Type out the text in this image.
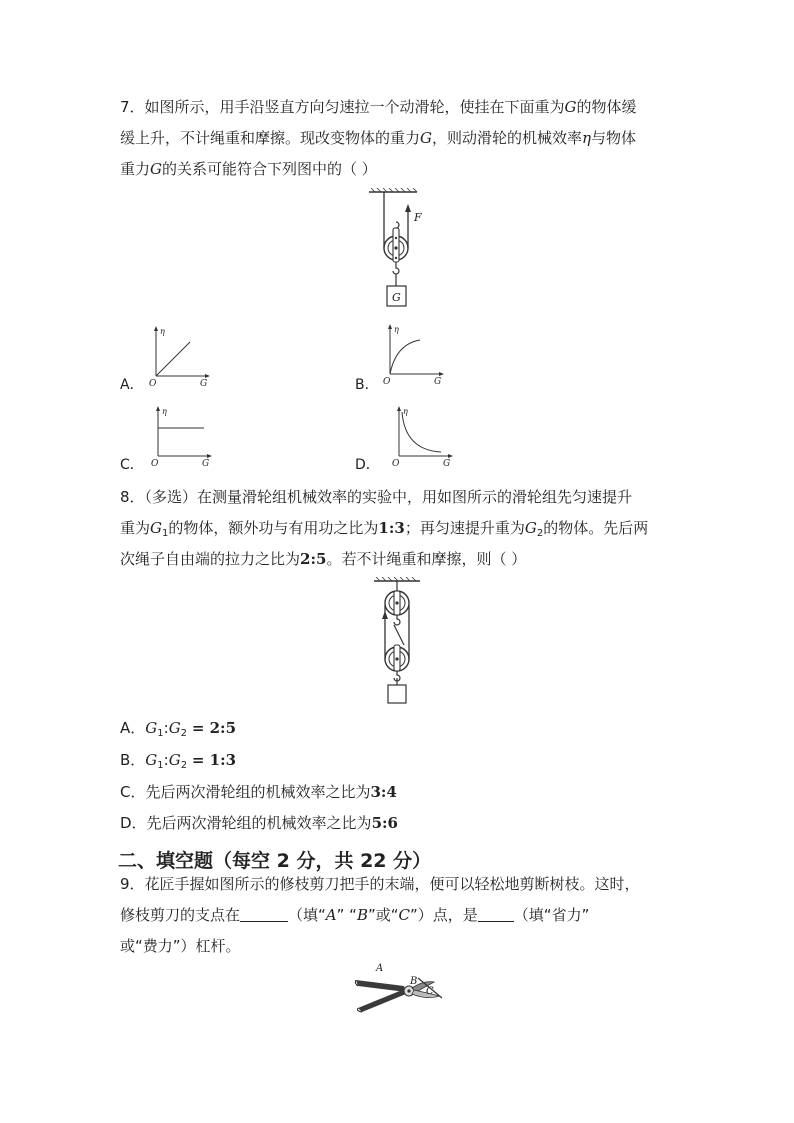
7．如图所示，用手沿竖直方向匀速拉一个动滑轮，使挂在下面重为G的物体缓
缓上升，不计绳重和摩擦。现改变物体的重力G，则动滑轮的机械效率η与物体
重力G的关系可能符合下列图中的（ ）
F
G
A．
η
O	G	B．
η
O	G
C．
η
O	G	D．
η
O	G
8．（多选）在测量滑轮组机械效率的实验中，用如图所示的滑轮组先匀速提升
重为$G_1$的物体，额外功与有用功之比为1:3；再匀速提升重为$G_2$的物体。先后两
次绳子自由端的拉力之比为2:5。若不计绳重和摩擦，则（ ）
A．$G_1:G_2$ = 2:5
B．$G_1:G_2$ = 1:3
C．先后两次滑轮组的机械效率之比为3:4
D．先后两次滑轮组的机械效率之比为5:6
二、填空题（每空 2 分，共 22 分）
9．花匠手握如图所示的修枝剪刀把手的末端，便可以轻松地剪断树枝。这时，
修枝剪刀的支点在	（填“A” “B”或“C”）点，是 （填“省力”
或“费力”）杠杆。
A
B
C
